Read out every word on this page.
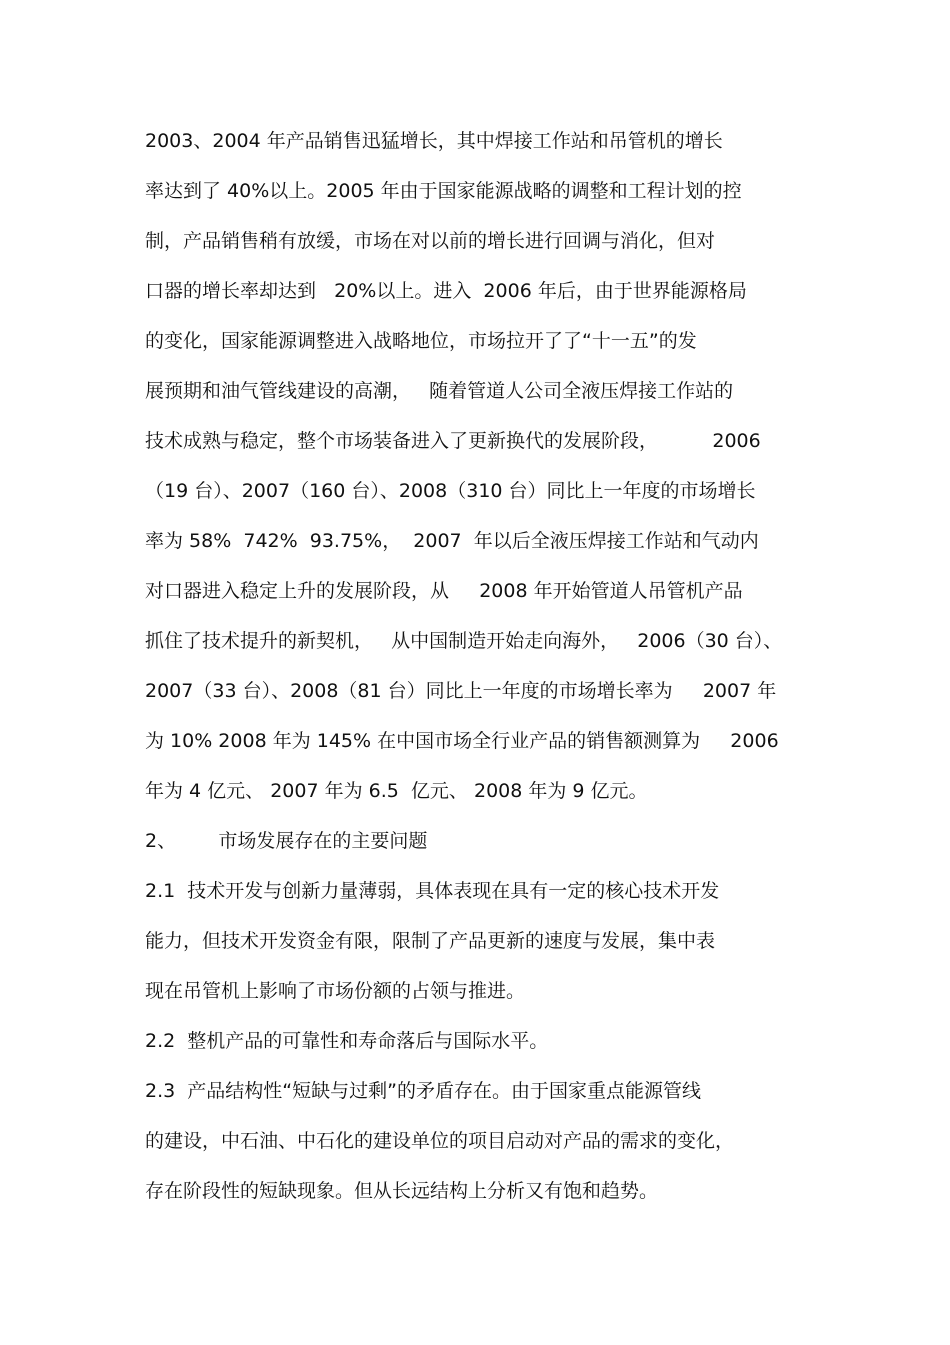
2003、2004 年产品销售迅猛增长，其中焊接工作站和吊管机的增长
率达到了 40%以上。2005 年由于国家能源战略的调整和工程计划的控
制，产品销售稍有放缓，市场在对以前的增长进行回调与消化，但对
口器的增长率却达到   20%以上。进入  2006 年后，由于世界能源格局
的变化，国家能源调整进入战略地位，市场拉开了了“十一五”的发
展预期和油气管线建设的高潮，   随着管道人公司全液压焊接工作站的
技术成熟与稳定，整个市场装备进入了更新换代的发展阶段，         2006
（19 台）、2007（160 台）、2008（310 台）同比上一年度的市场增长
率为 58%  742%  93.75%，  2007  年以后全液压焊接工作站和气动内
对口器进入稳定上升的发展阶段，从     2008 年开始管道人吊管机产品
抓住了技术提升的新契机，   从中国制造开始走向海外，   2006（30 台）、
2007（33 台）、2008（81 台）同比上一年度的市场增长率为     2007 年
为 10% 2008 年为 145% 在中国市场全行业产品的销售额测算为     2006
年为 4 亿元、 2007 年为 6.5  亿元、 2008 年为 9 亿元。
2、       市场发展存在的主要问题
2.1  技术开发与创新力量薄弱，具体表现在具有一定的核心技术开发
能力，但技术开发资金有限，限制了产品更新的速度与发展，集中表
现在吊管机上影响了市场份额的占领与推进。
2.2  整机产品的可靠性和寿命落后与国际水平。
2.3  产品结构性“短缺与过剩”的矛盾存在。由于国家重点能源管线
的建设，中石油、中石化的建设单位的项目启动对产品的需求的变化，
存在阶段性的短缺现象。但从长远结构上分析又有饱和趋势。
